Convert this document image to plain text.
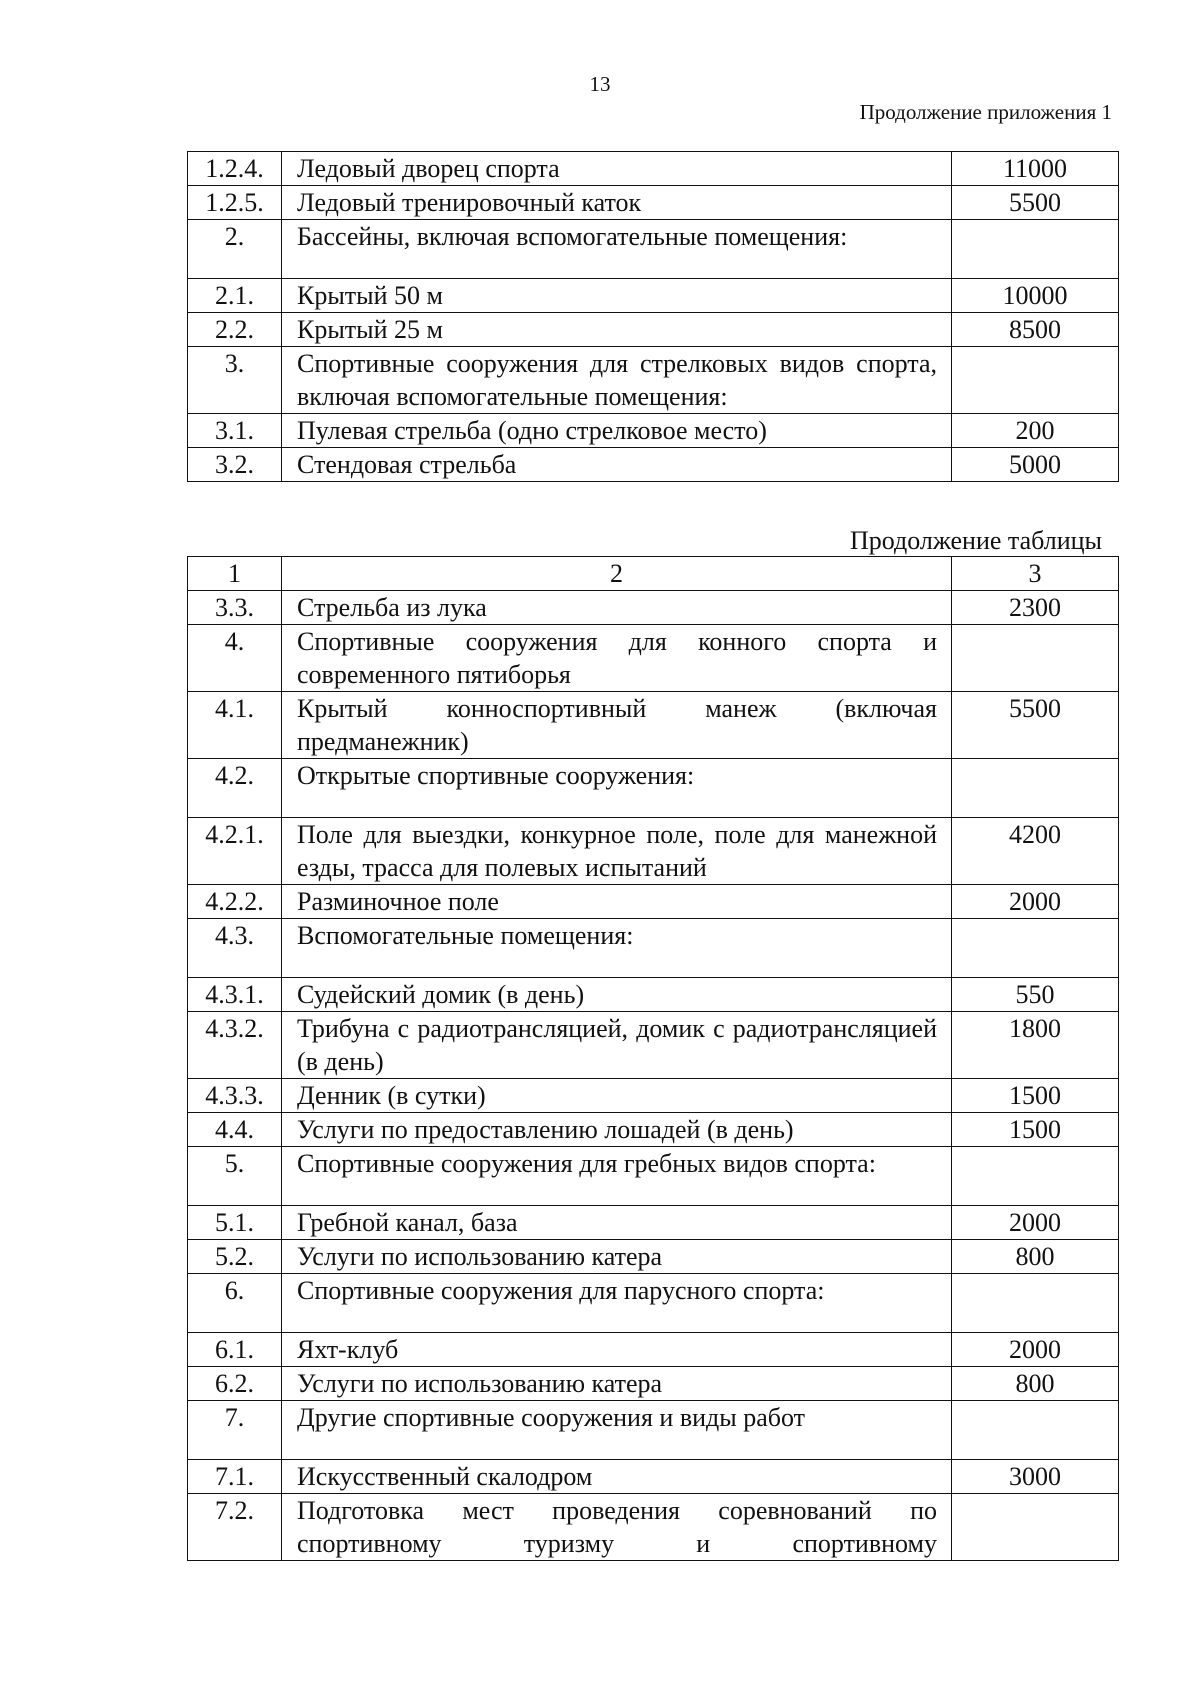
13
Продолжение приложения 1
1.2.4.	Ледовый дворец спорта	11000
1.2.5.	Ледовый тренировочный каток	5500
2.	Бассейны, включая вспомогательные помещения:	
2.1.	Крытый 50 м	10000
2.2.	Крытый 25 м	8500
3.	Спортивные сооружения для стрелковых видов спорта, включая вспомогательные помещения:	
3.1.	Пулевая стрельба (одно стрелковое место)	200
3.2.	Стендовая стрельба	5000
Продолжение таблицы
1	2	3
3.3.	Стрельба из лука	2300
4.	Спортивные сооружения для конного спорта и современного пятиборья	
4.1.	Крытый конноспортивный манеж (включая предманежник)	5500
4.2.	Открытые спортивные сооружения:	
4.2.1.	Поле для выездки, конкурное поле, поле для манежной езды, трасса для полевых испытаний	4200
4.2.2.	Разминочное поле	2000
4.3.	Вспомогательные помещения:	
4.3.1.	Судейский домик (в день)	550
4.3.2.	Трибуна с радиотрансляцией, домик с радиотрансляцией (в день)	1800
4.3.3.	Денник (в сутки)	1500
4.4.	Услуги по предоставлению лошадей (в день)	1500
5.	Спортивные сооружения для гребных видов спорта:	
5.1.	Гребной канал, база	2000
5.2.	Услуги по использованию катера	800
6.	Спортивные сооружения для парусного спорта:	
6.1.	Яхт-клуб	2000
6.2.	Услуги по использованию катера	800
7.	Другие спортивные сооружения и виды работ	
7.1.	Искусственный скалодром	3000
7.2.	Подготовка мест проведения соревнований по спортивному туризму и спортивному	
